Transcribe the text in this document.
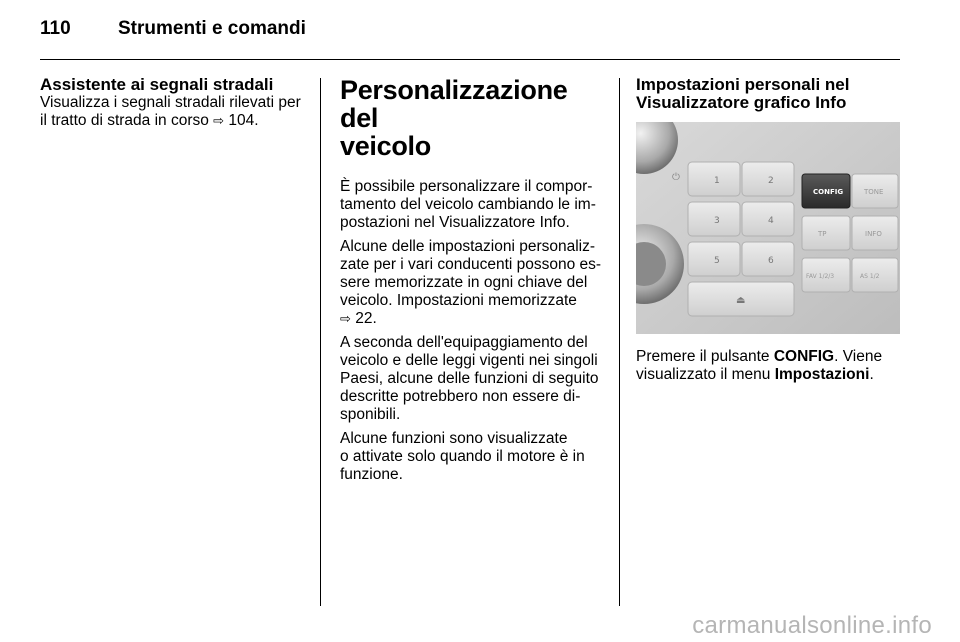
110 Strumenti e comandi
Assistente ai segnali stradali
Visualizza i segnali stradali rilevati per
il tratto di strada in corso ⇨ 104.
Personalizzazione del
veicolo

È possibile personalizzare il compor-
tamento del veicolo cambiando le im-
postazioni nel Visualizzatore Info.

Alcune delle impostazioni personaliz-
zate per i vari conducenti possono es-
sere memorizzate in ogni chiave del
veicolo. Impostazioni memorizzate
⇨ 22.

A seconda dell'equipaggiamento del
veicolo e delle leggi vigenti nei singoli
Paesi, alcune delle funzioni di seguito
descritte potrebbero non essere di-
sponibili.

Alcune funzioni sono visualizzate
o attivate solo quando il motore è in
funzione.

Impostazioni personali nel
Visualizzatore grafico Info
⏻	1	2
3	4
5	6
⏏
CONFIG	TONE
TP	INFO
FAV 1/2/3	AS 1/2
Premere il pulsante CONFIG. Viene
visualizzato il menu Impostazioni.
carmanualsonline.info
